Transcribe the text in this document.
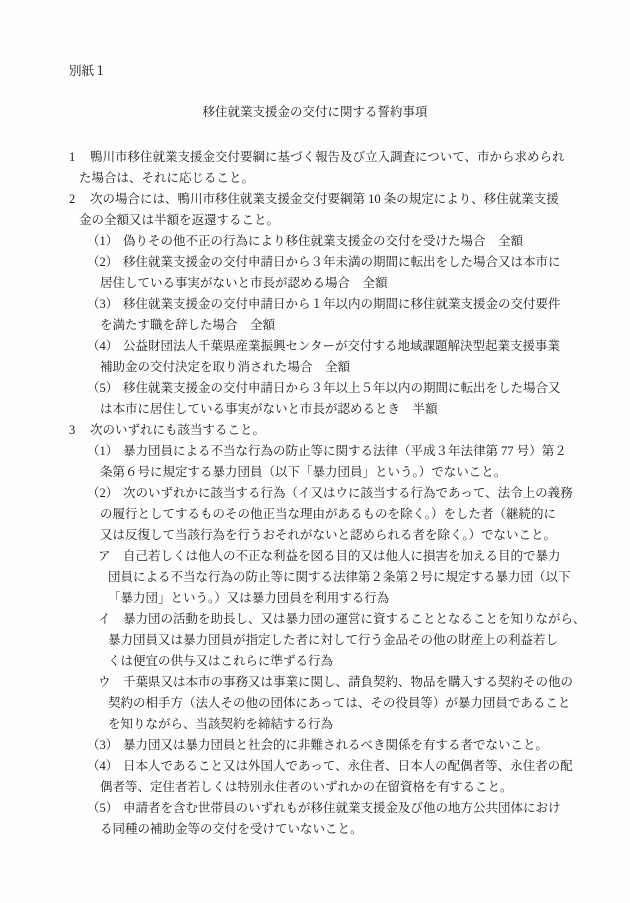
別紙１
移住就業支援金の交付に関する誓約事項
1 鴨川市移住就業支援金交付要綱に基づく報告及び立入調査について、市から求められ
た場合は、それに応じること。
2 次の場合には、鴨川市移住就業支援金交付要綱第 10 条の規定により、移住就業支援
金の全額又は半額を返還すること。
（1） 偽りその他不正の行為により移住就業支援金の交付を受けた場合　全額
（2） 移住就業支援金の交付申請日から３年未満の期間に転出をした場合又は本市に
居住している事実がないと市長が認める場合　全額
（3） 移住就業支援金の交付申請日から１年以内の期間に移住就業支援金の交付要件
を満たす職を辞した場合　全額
（4） 公益財団法人千葉県産業振興センターが交付する地域課題解決型起業支援事業
補助金の交付決定を取り消された場合　全額
（5） 移住就業支援金の交付申請日から３年以上５年以内の期間に転出をした場合又
は本市に居住している事実がないと市長が認めるとき　半額
3 次のいずれにも該当すること。
（1） 暴力団員による不当な行為の防止等に関する法律（平成３年法律第 77 号）第２
条第６号に規定する暴力団員（以下「暴力団員」という。）でないこと。
（2） 次のいずれかに該当する行為（イ又はウに該当する行為であって、法令上の義務
の履行としてするものその他正当な理由があるものを除く。）をした者（継続的に
又は反復して当該行為を行うおそれがないと認められる者を除く。）でないこと。
ア 自己若しくは他人の不正な利益を図る目的又は他人に損害を加える目的で暴力
団員による不当な行為の防止等に関する法律第２条第２号に規定する暴力団（以下
「暴力団」という。）又は暴力団員を利用する行為
イ 暴力団の活動を助長し、又は暴力団の運営に資することとなることを知りながら、
暴力団員又は暴力団員が指定した者に対して行う金品その他の財産上の利益若し
くは便宜の供与又はこれらに準ずる行為
ウ 千葉県又は本市の事務又は事業に関し、請負契約、物品を購入する契約その他の
契約の相手方（法人その他の団体にあっては、その役員等）が暴力団員であること
を知りながら、当該契約を締結する行為
（3） 暴力団又は暴力団員と社会的に非難されるべき関係を有する者でないこと。
（4） 日本人であること又は外国人であって、永住者、日本人の配偶者等、永住者の配
偶者等、定住者若しくは特別永住者のいずれかの在留資格を有すること。
（5） 申請者を含む世帯員のいずれもが移住就業支援金及び他の地方公共団体におけ
る同種の補助金等の交付を受けていないこと。
